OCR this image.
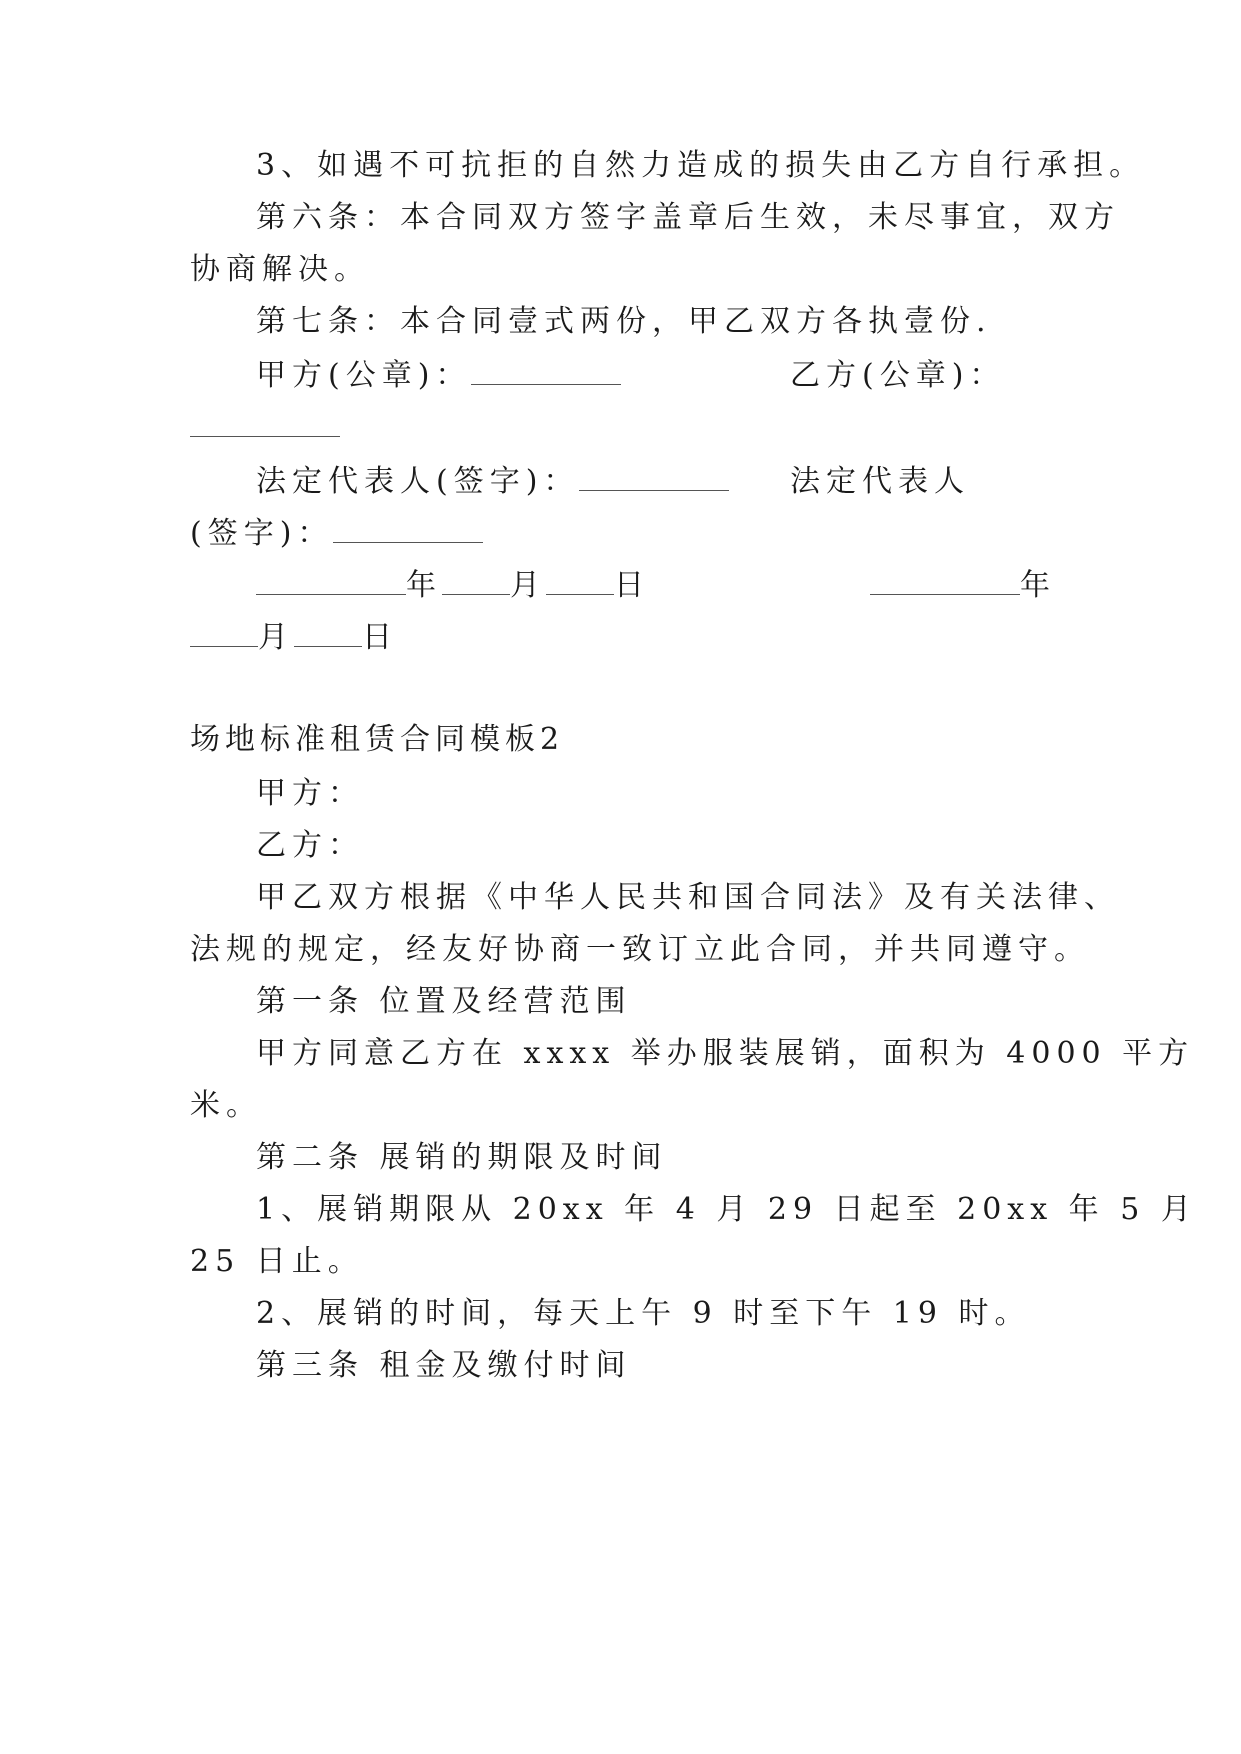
3、如遇不可抗拒的自然力造成的损失由乙方自行承担。
第六条：本合同双方签字盖章后生效，未尽事宜，双方
协商解决。
第七条：本合同壹式两份，甲乙双方各执壹份.
甲方(公章)：	乙方(公章)：
法定代表人(签字)：	法定代表人
(签字)：
年 月 日	年
月 日
场地标准租赁合同模板2
甲方：
乙方：
甲乙双方根据《中华人民共和国合同法》及有关法律、
法规的规定，经友好协商一致订立此合同，并共同遵守。
第一条 位置及经营范围
甲方同意乙方在 xxxx 举办服装展销，面积为 4000 平方
米。
第二条 展销的期限及时间
1、展销期限从 20xx 年 4 月 29 日起至 20xx 年 5 月
25 日止。
2、展销的时间，每天上午 9 时至下午 19 时。
第三条 租金及缴付时间
